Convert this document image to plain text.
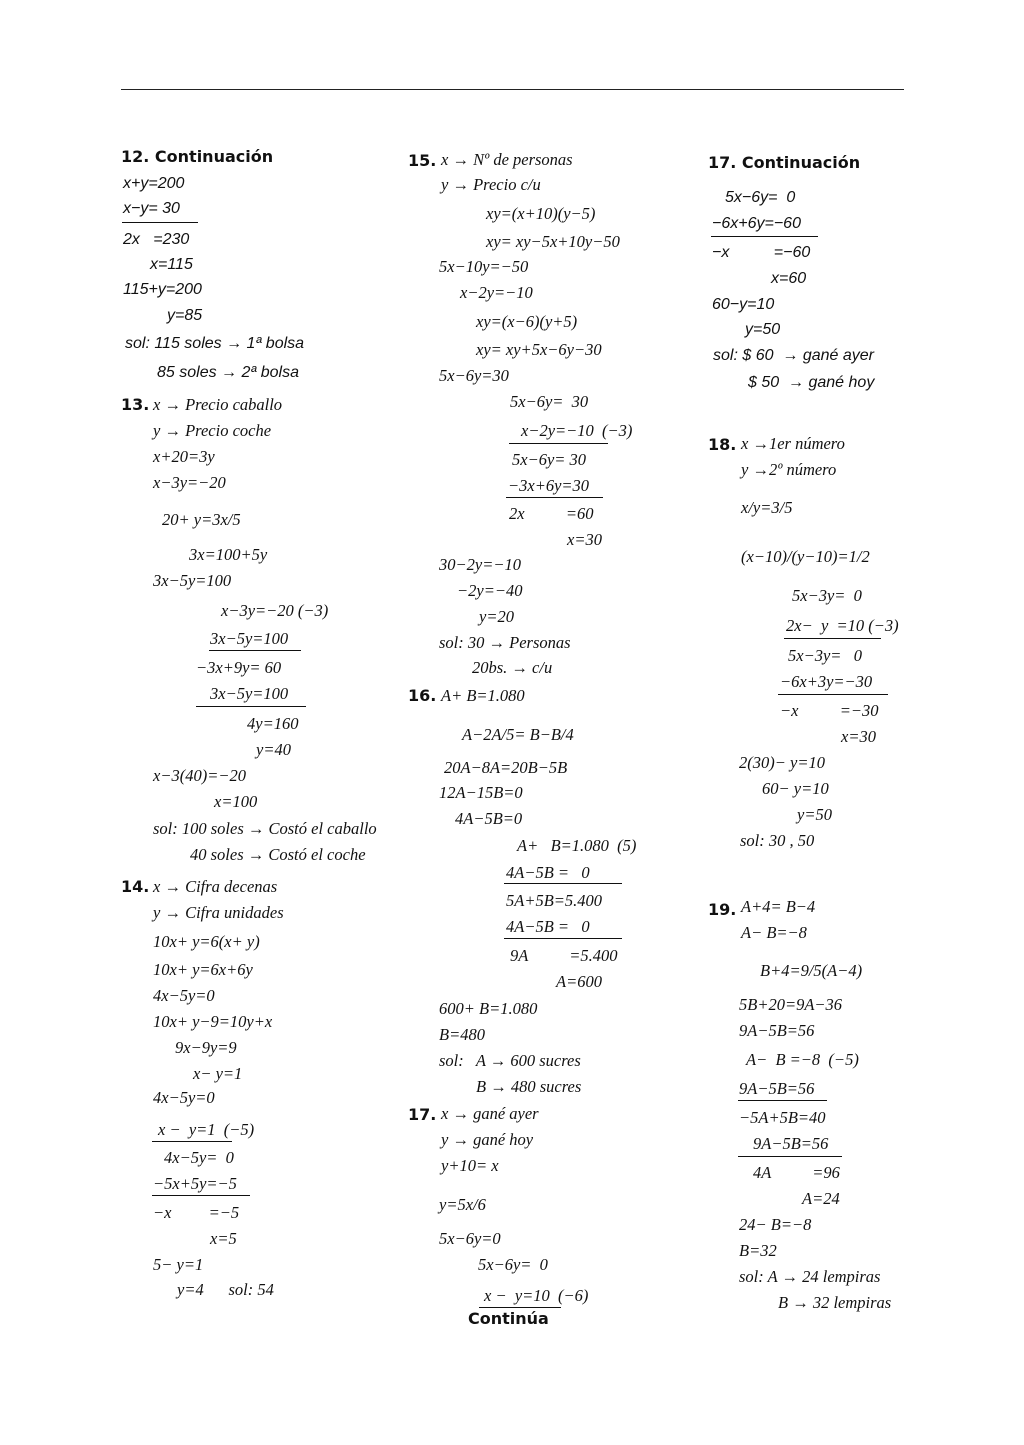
12. Continuación
x+y=200
x−y= 30
2x   =230
x=115
115+y=200
y=85
sol: 115 soles → 1ª bolsa
85 soles → 2ª bolsa
13. x → Precio caballo
y → Precio coche
x+20=3y
x−3y=−20
20+ y=3x/5
3x=100+5y
3x−5y=100
x−3y=−20 (−3)
3x−5y=100
−3x+9y= 60
3x−5y=100
4y=160
y=40
x−3(40)=−20
x=100
sol: 100 soles → Costó el caballo
40 soles → Costó el coche
14. x → Cifra decenas
y → Cifra unidades
10x+ y=6(x+ y)
10x+ y=6x+6y
4x−5y=0
10x+ y−9=10y+x
9x−9y=9
x− y=1
4x−5y=0
x −  y=1  (−5)
4x−5y=  0
−5x+5y=−5
−x         =−5
x=5
5− y=1
y=4      sol: 54
15. x → Nº de personas
y → Precio c/u
xy=(x+10)(y−5)
xy= xy−5x+10y−50
5x−10y=−50
x−2y=−10
xy=(x−6)(y+5)
xy= xy+5x−6y−30
5x−6y=30
5x−6y=  30
x−2y=−10  (−3)
5x−6y= 30
−3x+6y=30
2x          =60
x=30
30−2y=−10
−2y=−40
y=20
sol: 30 → Personas
20bs. → c/u
16. A+ B=1.080
A−2A/5= B−B/4
20A−8A=20B−5B
12A−15B=0
4A−5B=0
A+   B=1.080  (5)
4A−5B =   0
5A+5B=5.400
4A−5B =   0
9A          =5.400
A=600
600+ B=1.080
B=480
sol:   A → 600 sucres
B → 480 sucres
17. x → gané ayer
y → gané hoy
y+10= x
y=5x/6
5x−6y=0
5x−6y=  0
x −  y=10  (−6)
Continúa
17. Continuación
5x−6y=  0
−6x+6y=−60
−x          =−60
x=60
60−y=10
y=50
sol: $ 60  → gané ayer
$ 50  → gané hoy
18. x →1er número
y →2º número
x/y=3/5
(x−10)/(y−10)=1/2
5x−3y=  0
2x−  y  =10 (−3)
5x−3y=   0
−6x+3y=−30
−x          =−30
x=30
2(30)− y=10
60− y=10
y=50
sol: 30 , 50
19. A+4= B−4
A− B=−8
B+4=9/5(A−4)
5B+20=9A−36
9A−5B=56
A−  B =−8  (−5)
9A−5B=56
−5A+5B=40
9A−5B=56
4A          =96
A=24
24− B=−8
B=32
sol: A → 24 lempiras
B → 32 lempiras
